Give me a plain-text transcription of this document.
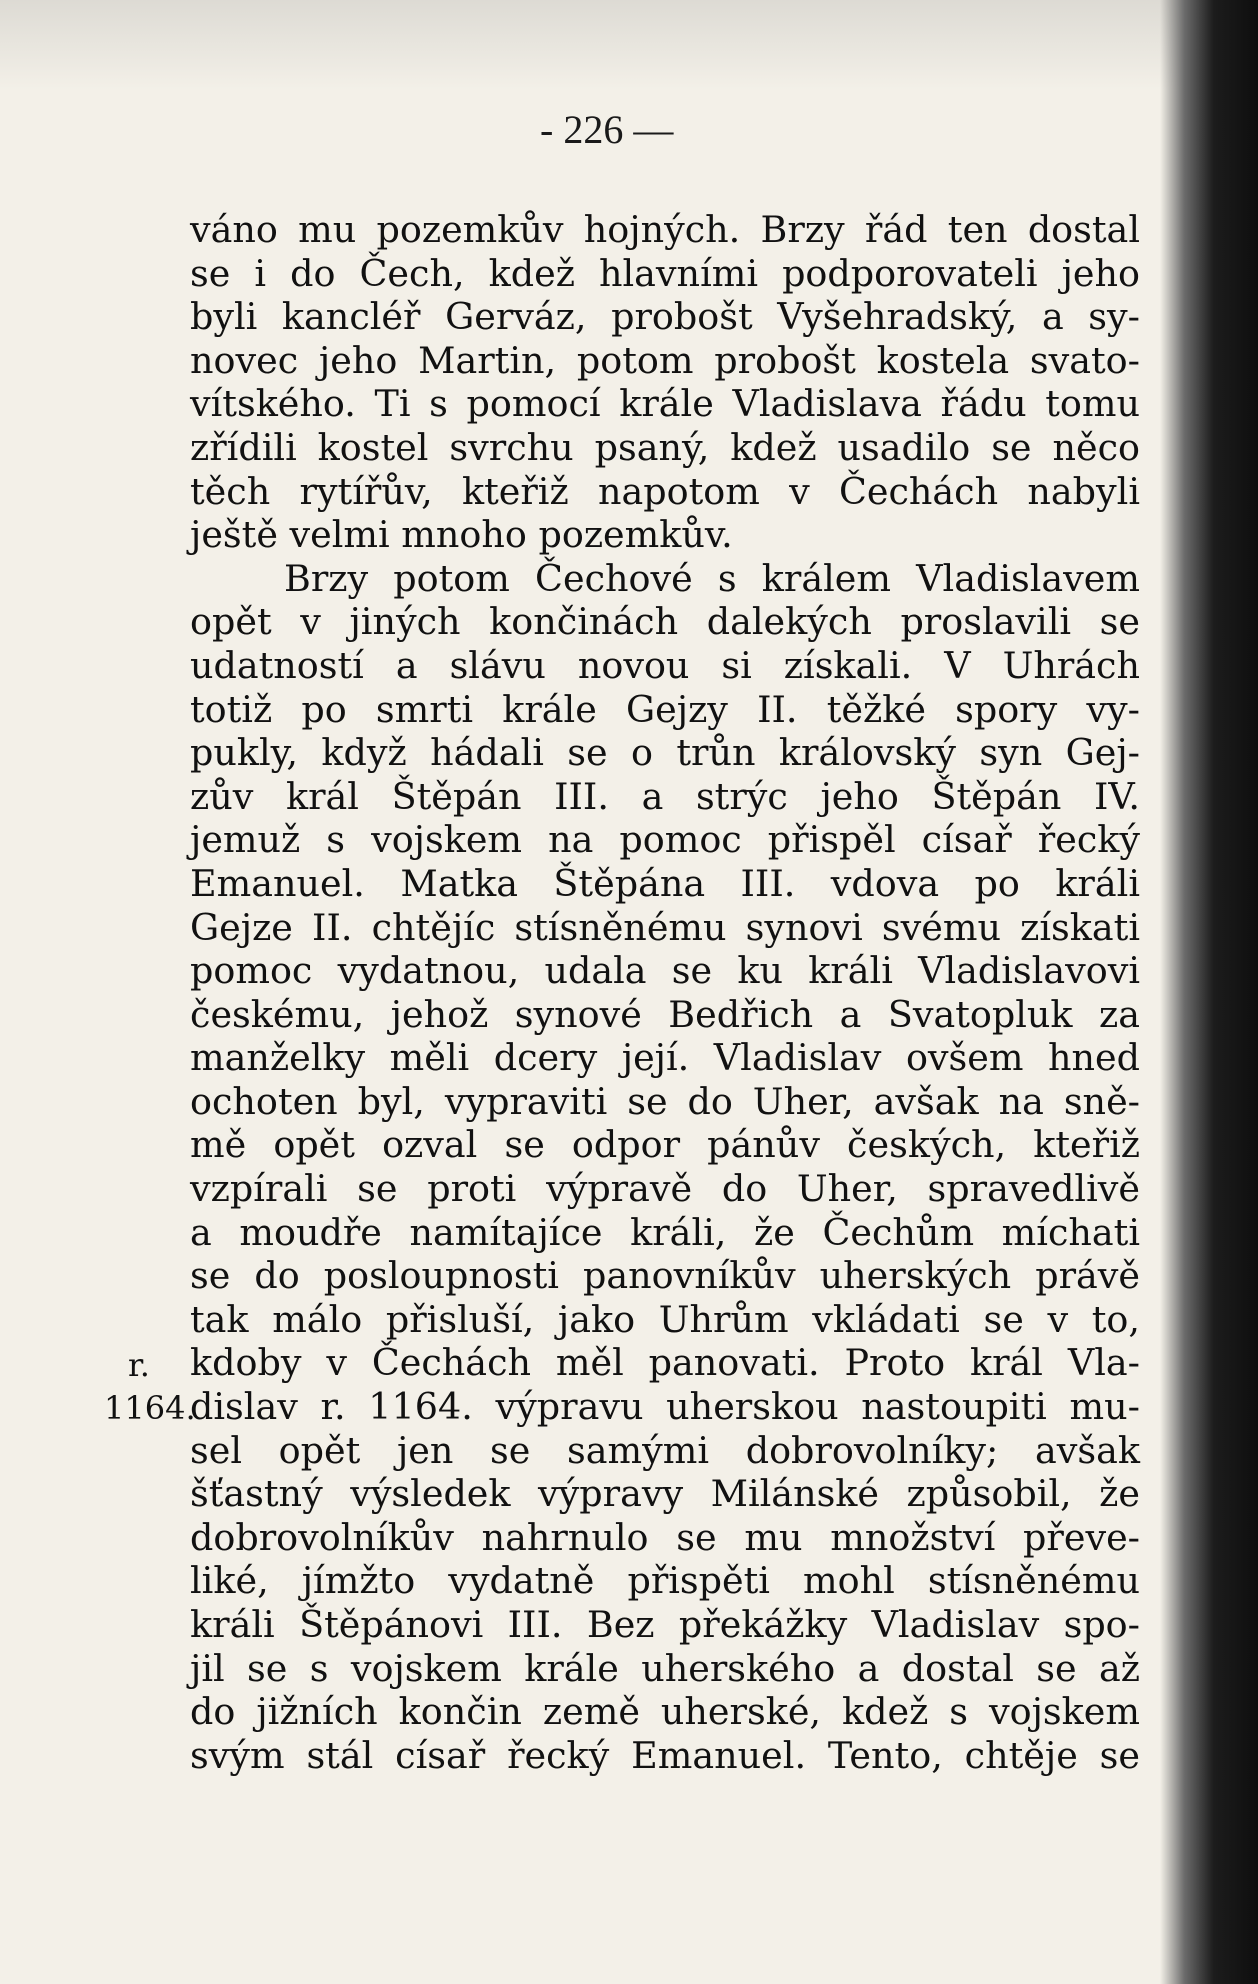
- 226 —
váno mu pozemkův hojných. Brzy řád ten dostal
se i do Čech, kdež hlavními podporovateli jeho
byli kancléř Gerváz, probošt Vyšehradský, a sy-
novec jeho Martin, potom probošt kostela svato-
vítského. Ti s pomocí krále Vladislava řádu tomu
zřídili kostel svrchu psaný, kdež usadilo se něco
těch rytířův, kteřiž napotom v Čechách nabyli
ještě velmi mnoho pozemkův.
Brzy potom Čechové s králem Vladislavem
opět v jiných končinách dalekých proslavili se
udatností a slávu novou si získali. V Uhrách
totiž po smrti krále Gejzy II. těžké spory vy-
pukly, když hádali se o trůn královský syn Gej-
zův král Štěpán III. a strýc jeho Štěpán IV.
jemuž s vojskem na pomoc přispěl císař řecký
Emanuel. Matka Štěpána III. vdova po králi
Gejze II. chtějíc stísněnému synovi svému získati
pomoc vydatnou, udala se ku králi Vladislavovi
českému, jehož synové Bedřich a Svatopluk za
manželky měli dcery její. Vladislav ovšem hned
ochoten byl, vypraviti se do Uher, avšak na sně-
mě opět ozval se odpor pánův českých, kteřiž
vzpírali se proti výpravě do Uher, spravedlivě
a moudře namítajíce králi, že Čechům míchati
se do posloupnosti panovníkův uherských právě
tak málo přisluší, jako Uhrům vkládati se v to,
kdoby v Čechách měl panovati. Proto král Vla-
dislav r. 1164. výpravu uherskou nastoupiti mu-
sel opět jen se samými dobrovolníky; avšak
šťastný výsledek výpravy Milánské způsobil, že
dobrovolníkův nahrnulo se mu množství převe-
liké, jímžto vydatně přispěti mohl stísněnému
králi Štěpánovi III. Bez překážky Vladislav spo-
jil se s vojskem krále uherského a dostal se až
do jižních končin země uherské, kdež s vojskem
svým stál císař řecký Emanuel. Tento, chtěje se
r.
1164.
